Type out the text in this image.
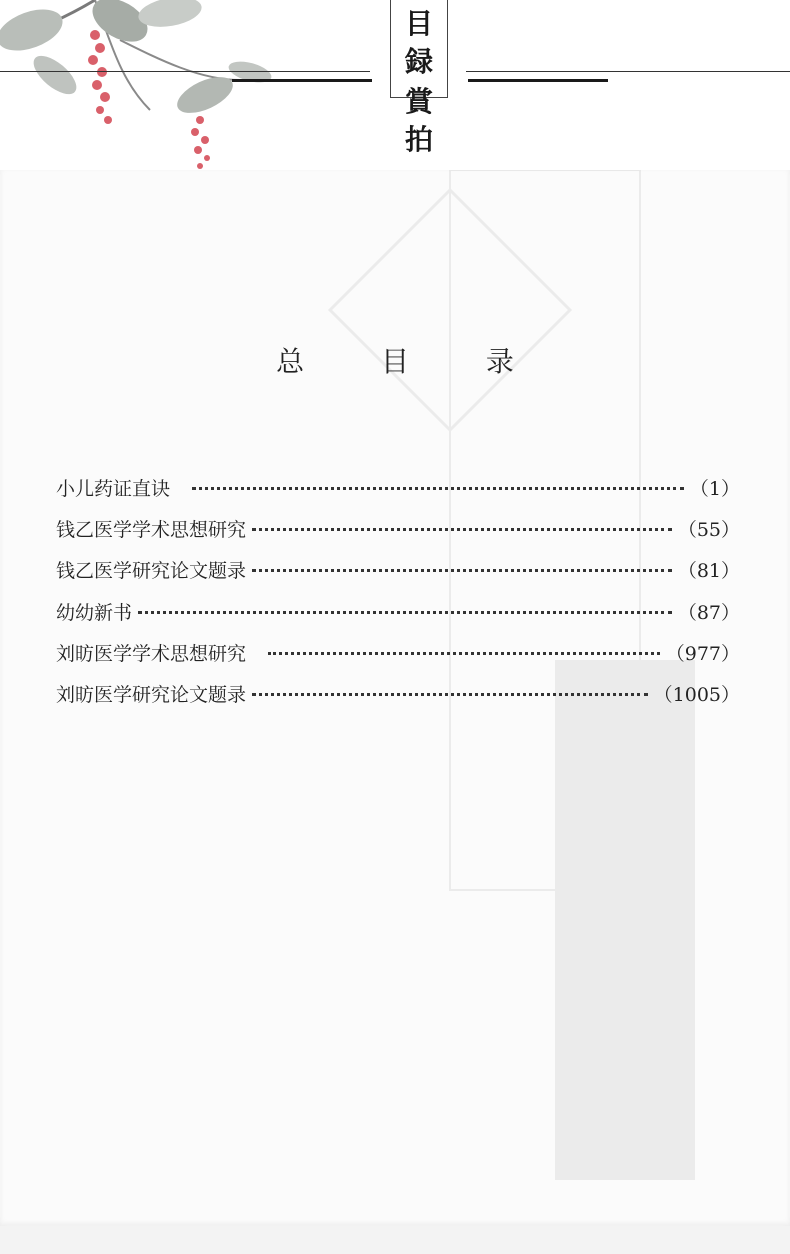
目
録
賞
拍
总 目 录
小儿药证直诀	（1）
钱乙医学学术思想研究	（55）
钱乙医学研究论文题录	（81）
幼幼新书	（87）
刘昉医学学术思想研究	（977）
刘昉医学研究论文题录	（1005）
